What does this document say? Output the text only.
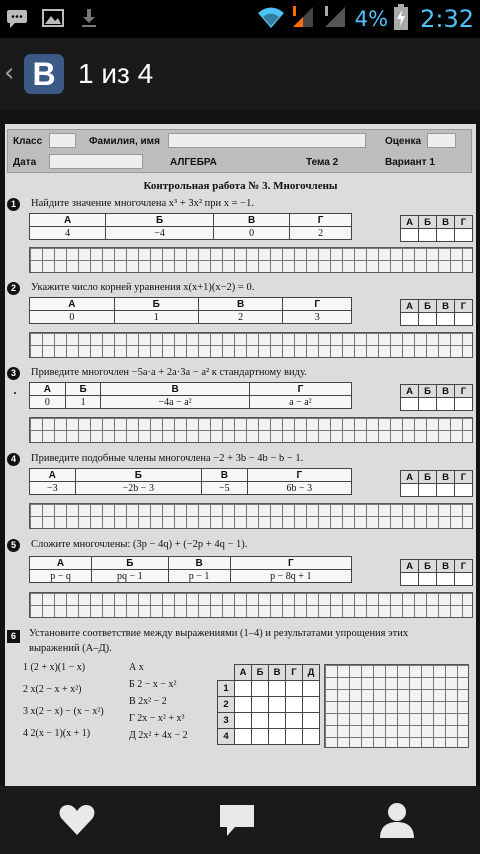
4% 2:32
‹ B 1 из 4
Класс	Фамилия, имя	Оценка
Дата	АЛГЕБРА	Тема 2	Вариант 1
Контрольная работа № 3. Многочлены
1	Найдите значение многочлена x³ + 3x² при x = −1.
А	Б	В	Г
4	−4	0	2
А	Б	В	Г

2	Укажите число корней уравнения x(x+1)(x−2) = 0.
А	Б	В	Г
0	1	2	3
А	Б	В	Г

3	Приведите многочлен −5a·a + 2a·3a − a² к стандартному виду.
А	Б	В	Г
0	1	−4a − a²	a − a²
А	Б	В	Г

4	Приведите подобные члены многочлена −2 + 3b − 4b − b − 1.
А	Б	В	Г
−3	−2b − 3	−5	6b − 3
А	Б	В	Г

5	Сложите многочлены: (3p − 4q) + (−2p + 4q − 1).
А	Б	В	Г
p − q	pq − 1	p − 1	p − 8q + 1
А	Б	В	Г

6	Установите соответствие между выражениями (1–4) и результатами упрощения этих
выражений (А–Д).
1 (2 + x)(1 − x)
2 x(2 − x + x²)
3 x(2 − x) − (x − x²)
4 2(x − 1)(x + 1)
А x
Б 2 − x − x²
В 2x² − 2
Г 2x − x² + x³
Д 2x² + 4x − 2
	А	Б	В	Г	Д
1					
2					
3					
4					
